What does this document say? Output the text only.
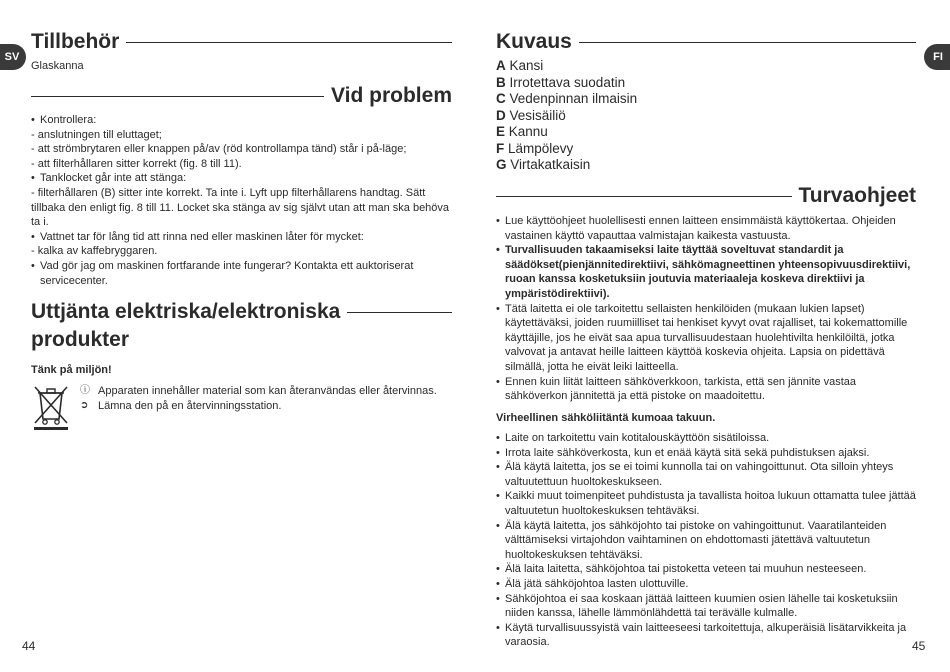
SV
Tillbehör
Glaskanna
Vid problem

• Kontrollera:

- anslutningen till eluttaget;

- att strömbrytaren eller knappen på/av (röd kontrollampa tänd) står i på-läge;

- att filterhållaren sitter korrekt (fig. 8 till 11).

• Tanklocket går inte att stänga:

- filterhållaren (B) sitter inte korrekt. Ta inte i. Lyft upp filterhållarens handtag. Sätt tillbaka den enligt fig. 8 till 11. Locket ska stänga av sig självt utan att man ska behöva ta i.

• Vattnet tar för lång tid att rinna ned eller maskinen låter för mycket:

- kalka av kaffebryggaren.

• Vad gör jag om maskinen fortfarande inte fungerar? Kontakta ett auktoriserat servicecenter.

Uttjänta elektriska/elektroniska
produkter
Tänk på miljön!
ⓘ Apparaten innehåller material som kan återanvändas eller återvinnas.
➲ Lämna den på en återvinningsstation.
44
FI
Kuvaus
A Kansi
B Irrotettava suodatin
C Vedenpinnan ilmaisin
D Vesisäiliö
E Kannu
F Lämpölevy
G Virtakatkaisin
Turvaohjeet

• Lue käyttöohjeet huolellisesti ennen laitteen ensimmäistä käyttökertaa. Ohjeiden vastainen käyttö vapauttaa valmistajan kaikesta vastuusta.

• Turvallisuuden takaamiseksi laite täyttää soveltuvat standardit ja säädökset(pienjännitedirektiivi, sähkömagneettinen yhteensopivuusdirektiivi, ruoan kanssa kosketuksiin joutuvia materiaaleja koskeva direktiivi ja ympäristödirektiivi).

• Tätä laitetta ei ole tarkoitettu sellaisten henkilöiden (mukaan lukien lapset) käytettäväksi, joiden ruumiilliset tai henkiset kyvyt ovat rajalliset, tai kokemattomille käyttäjille, jos he eivät saa apua turvallisuudestaan huolehtivilta henkilöiltä, jotka valvovat ja antavat heille laitteen käyttöä koskevia ohjeita. Lapsia on pidettävä silmällä, jotta he eivät leiki laitteella.

• Ennen kuin liität laitteen sähköverkkoon, tarkista, että sen jännite vastaa sähköverkon jännitettä ja että pistoke on maadoitettu.

Virheellinen sähköliitäntä kumoaa takuun.

• Laite on tarkoitettu vain kotitalouskäyttöön sisätiloissa.

• Irrota laite sähköverkosta, kun et enää käytä sitä sekä puhdistuksen ajaksi.

• Älä käytä laitetta, jos se ei toimi kunnolla tai on vahingoittunut. Ota silloin yhteys valtuutettuun huoltokeskukseen.

• Kaikki muut toimenpiteet puhdistusta ja tavallista hoitoa lukuun ottamatta tulee jättää valtuutetun huoltokeskuksen tehtäväksi.

• Älä käytä laitetta, jos sähköjohto tai pistoke on vahingoittunut. Vaaratilanteiden välttämiseksi virtajohdon vaihtaminen on ehdottomasti jätettävä valtuutetun huoltokeskuksen tehtäväksi.

• Älä laita laitetta, sähköjohtoa tai pistoketta veteen tai muuhun nesteeseen.

• Älä jätä sähköjohtoa lasten ulottuville.

• Sähköjohtoa ei saa koskaan jättää laitteen kuumien osien lähelle tai kosketuksiin niiden kanssa, lähelle lämmönlähdettä tai terävälle kulmalle.

• Käytä turvallisuussyistä vain laitteeseesi tarkoitettuja, alkuperäisiä lisätarvikkeita ja varaosia.	45
